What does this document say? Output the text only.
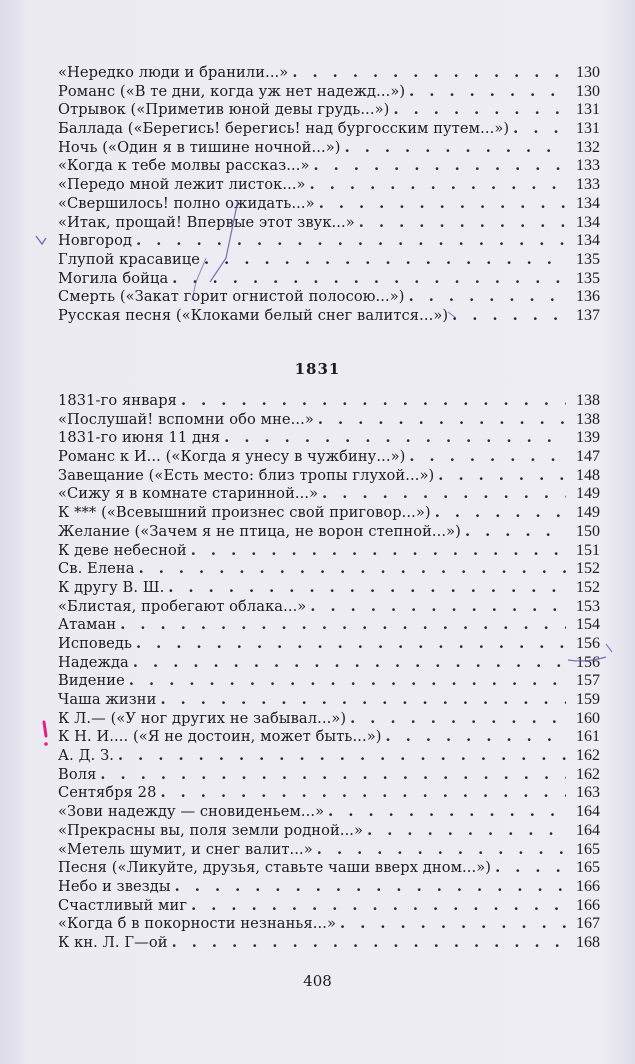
«Нередко люди и бранили...» . . .	130
Романс («В те дни, когда уж нет надежд...») . . .	130
Отрывок («Приметив юной девы грудь...») . . .	131
Баллада («Берегись! берегись! над бургосским путем...») . . .	131
Ночь («Один я в тишине ночной...») . . .	132
«Когда к тебе молвы рассказ...» . . .	133
«Передо мной лежит листок...» . . .	133
«Свершилось! полно ожидать...» . . .	134
«Итак, прощай! Впервые этот звук...» . . .	134
Новгород . . .	134
Глупой красавице . . .	135
Могила бойца . . .	135
Смерть («Закат горит огнистой полосою...») . . .	136
Русская песня («Клоками белый снег валится...») . . .	137
1831
1831-го января . . .	138
«Послушай! вспомни обо мне...» . . .	138
1831-го июня 11 дня . . .	139
Романс к И... («Когда я унесу в чужбину...») . . .	147
Завещание («Есть место: близ тропы глухой...») . . .	148
«Сижу я в комнате старинной...» . . .	149
К *** («Всевышний произнес свой приговор...») . . .	149
Желание («Зачем я не птица, не ворон степной...») . . .	150
К деве небесной . . .	151
Св. Елена . . .	152
К другу В. Ш. . . .	152
«Блистая, пробегают облака...» . . .	153
Атаман . . .	154
Исповедь . . .	156
Надежда . . .	156
Видение . . .	157
Чаша жизни . . .	159
К Л.— («У ног других не забывал...») . . .	160
К Н. И.... («Я не достоин, может быть...») . . .	161
А. Д. З. . . .	162
Воля . . .	162
Сентября 28 . . .	163
«Зови надежду — сновиденьем...» . . .	164
«Прекрасны вы, поля земли родной...» . . .	164
«Метель шумит, и снег валит...» . . .	165
Песня («Ликуйте, друзья, ставьте чаши вверх дном...») . . .	165
Небо и звезды . . .	166
Счастливый миг . . .	166
«Когда б в покорности незнанья...» . . .	167
К кн. Л. Г—ой . . .	168
408
